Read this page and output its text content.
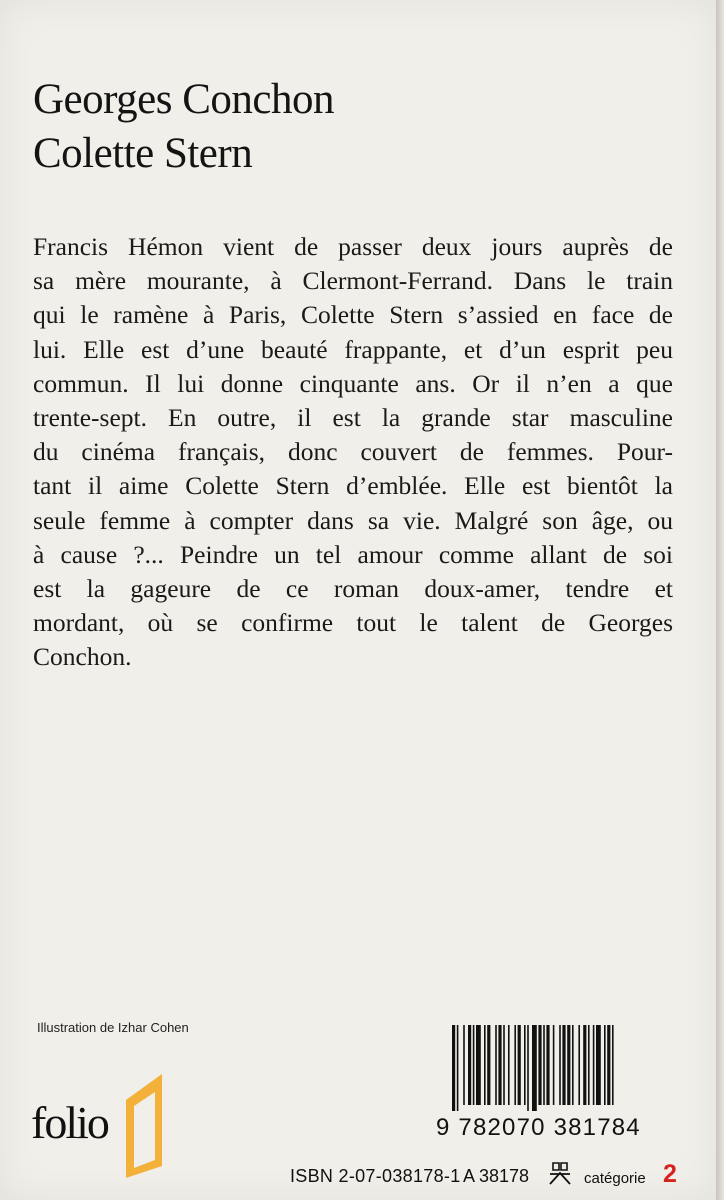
Georges Conchon
Colette Stern

Francis Hémon vient de passer deux jours auprès de
sa mère mourante, à Clermont-Ferrand. Dans le train
qui le ramène à Paris, Colette Stern s’assied en face de
lui. Elle est d’une beauté frappante, et d’un esprit peu
commun. Il lui donne cinquante ans. Or il n’en a que
trente-sept. En outre, il est la grande star masculine
du cinéma français, donc couvert de femmes. Pour-
tant il aime Colette Stern d’emblée. Elle est bientôt la
seule femme à compter dans sa vie. Malgré son âge, ou
à cause ?... Peindre un tel amour comme allant de soi
est la gageure de ce roman doux-amer, tendre et
mordant, où se confirme tout le talent de Georges
Conchon.

Illustration de Izhar Cohen
folio	9 782070 381784
ISBN 2-07-038178-1 A 38178	catégorie 2
